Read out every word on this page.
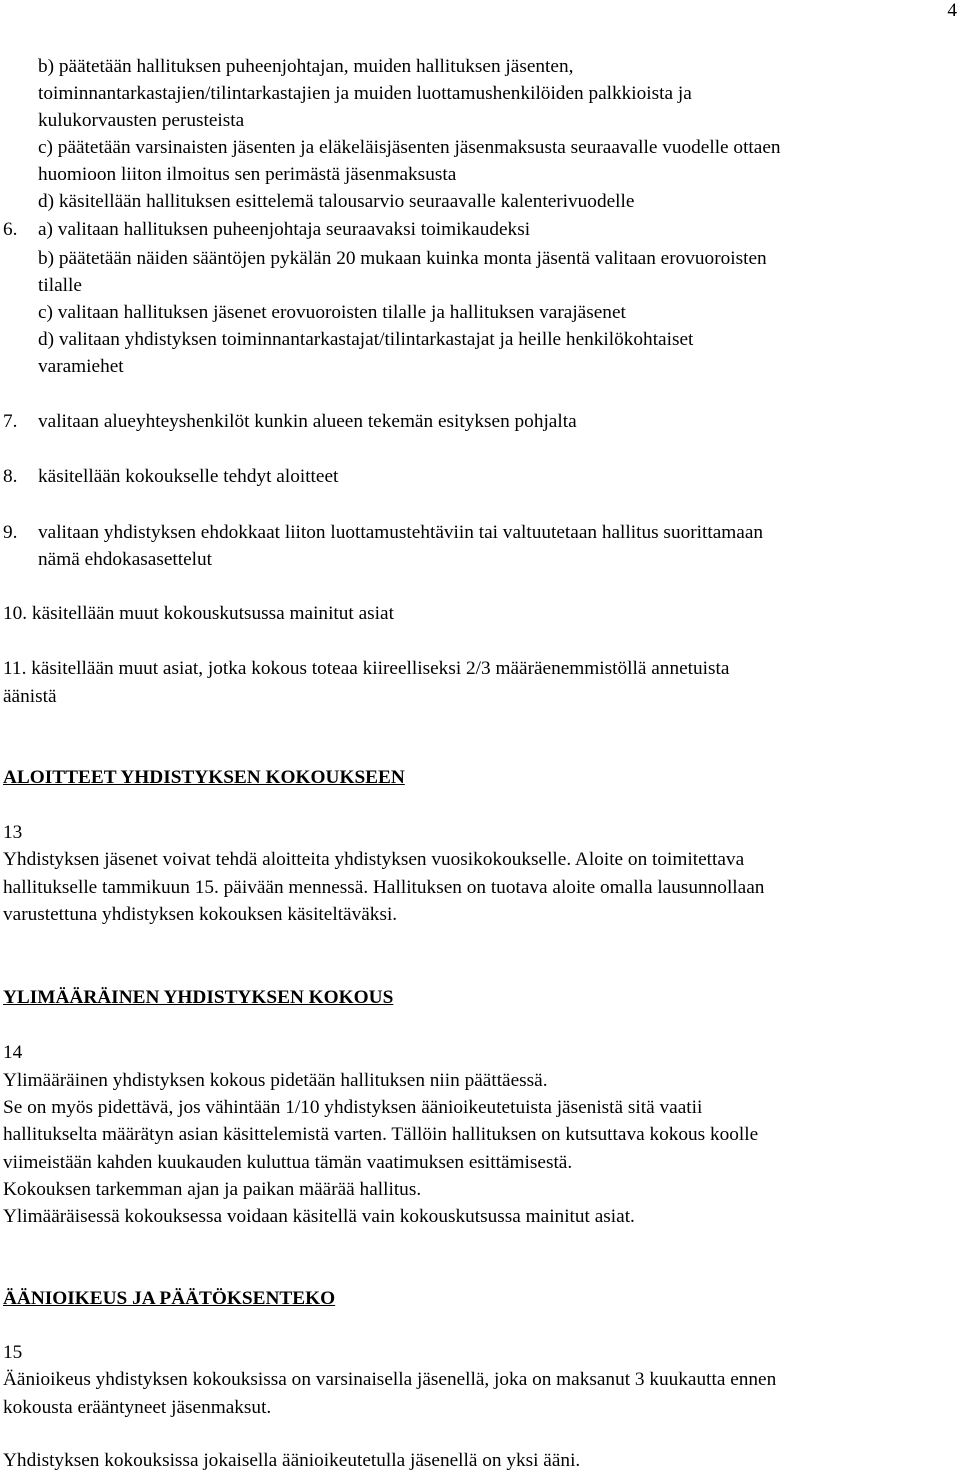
4
b) päätetään hallituksen puheenjohtajan, muiden hallituksen jäsenten,
toiminnantarkastajien/tilintarkastajien ja muiden luottamushenkilöiden palkkioista ja
kulukorvausten perusteista
c) päätetään varsinaisten jäsenten ja eläkeläisjäsenten jäsenmaksusta seuraavalle vuodelle ottaen
huomioon liiton ilmoitus sen perimästä jäsenmaksusta
d) käsitellään hallituksen esittelemä talousarvio seuraavalle kalenterivuodelle
6. a) valitaan hallituksen puheenjohtaja seuraavaksi toimikaudeksi
b) päätetään näiden sääntöjen pykälän 20 mukaan kuinka monta jäsentä valitaan erovuoroisten
tilalle
c) valitaan hallituksen jäsenet erovuoroisten tilalle ja hallituksen varajäsenet
d) valitaan yhdistyksen toiminnantarkastajat/tilintarkastajat ja heille henkilökohtaiset
varamiehet
7. valitaan alueyhteyshenkilöt kunkin alueen tekemän esityksen pohjalta
8. käsitellään kokoukselle tehdyt aloitteet
9. valitaan yhdistyksen ehdokkaat liiton luottamustehtäviin tai valtuutetaan hallitus suorittamaan
nämä ehdokasasettelut
10. käsitellään muut kokouskutsussa mainitut asiat
11. käsitellään muut asiat, jotka kokous toteaa kiireelliseksi 2/3 määräenemmistöllä annetuista
äänistä
ALOITTEET YHDISTYKSEN KOKOUKSEEN
13
Yhdistyksen jäsenet voivat tehdä aloitteita yhdistyksen vuosikokoukselle. Aloite on toimitettava
hallitukselle tammikuun 15. päivään mennessä. Hallituksen on tuotava aloite omalla lausunnollaan
varustettuna yhdistyksen kokouksen käsiteltäväksi.
YLIMÄÄRÄINEN YHDISTYKSEN KOKOUS
14
Ylimääräinen yhdistyksen kokous pidetään hallituksen niin päättäessä.
Se on myös pidettävä, jos vähintään 1/10 yhdistyksen äänioikeutetuista jäsenistä sitä vaatii
hallitukselta määrätyn asian käsittelemistä varten. Tällöin hallituksen on kutsuttava kokous koolle
viimeistään kahden kuukauden kuluttua tämän vaatimuksen esittämisestä.
Kokouksen tarkemman ajan ja paikan määrää hallitus.
Ylimääräisessä kokouksessa voidaan käsitellä vain kokouskutsussa mainitut asiat.
ÄÄNIOIKEUS JA PÄÄTÖKSENTEKO
15
Äänioikeus yhdistyksen kokouksissa on varsinaisella jäsenellä, joka on maksanut 3 kuukautta ennen
kokousta erääntyneet jäsenmaksut.
Yhdistyksen kokouksissa jokaisella äänioikeutetulla jäsenellä on yksi ääni.
